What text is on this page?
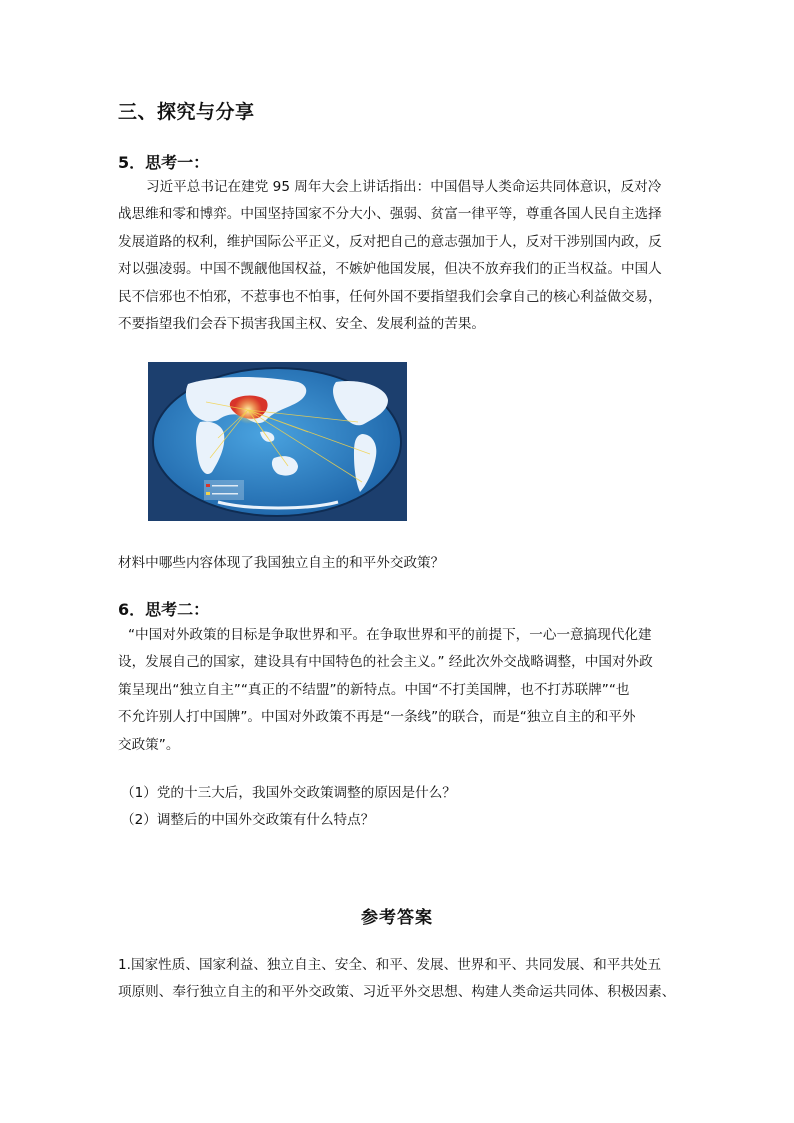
三、探究与分享
5．思考一：
习近平总书记在建党 95 周年大会上讲话指出：中国倡导人类命运共同体意识，反对冷
战思维和零和博弈。中国坚持国家不分大小、强弱、贫富一律平等，尊重各国人民自主选择
发展道路的权利，维护国际公平正义，反对把自己的意志强加于人，反对干涉别国内政，反
对以强凌弱。中国不觊觎他国权益，不嫉妒他国发展，但决不放弃我们的正当权益。中国人
民不信邪也不怕邪，不惹事也不怕事，任何外国不要指望我们会拿自己的核心利益做交易，
不要指望我们会吞下损害我国主权、安全、发展利益的苦果。
材料中哪些内容体现了我国独立自主的和平外交政策？
6．思考二：
“中国对外政策的目标是争取世界和平。在争取世界和平的前提下，一心一意搞现代化建
设，发展自己的国家，建设具有中国特色的社会主义。” 经此次外交战略调整，中国对外政
策呈现出“独立自主”“真正的不结盟”的新特点。中国“不打美国牌，也不打苏联牌”“也
不允许别人打中国牌”。中国对外政策不再是“一条线”的联合，而是“独立自主的和平外
交政策”。
（1）党的十三大后，我国外交政策调整的原因是什么？
（2）调整后的中国外交政策有什么特点？
参考答案
1.国家性质、国家利益、独立自主、安全、和平、发展、世界和平、共同发展、和平共处五
项原则、奉行独立自主的和平外交政策、习近平外交思想、构建人类命运共同体、积极因素、
